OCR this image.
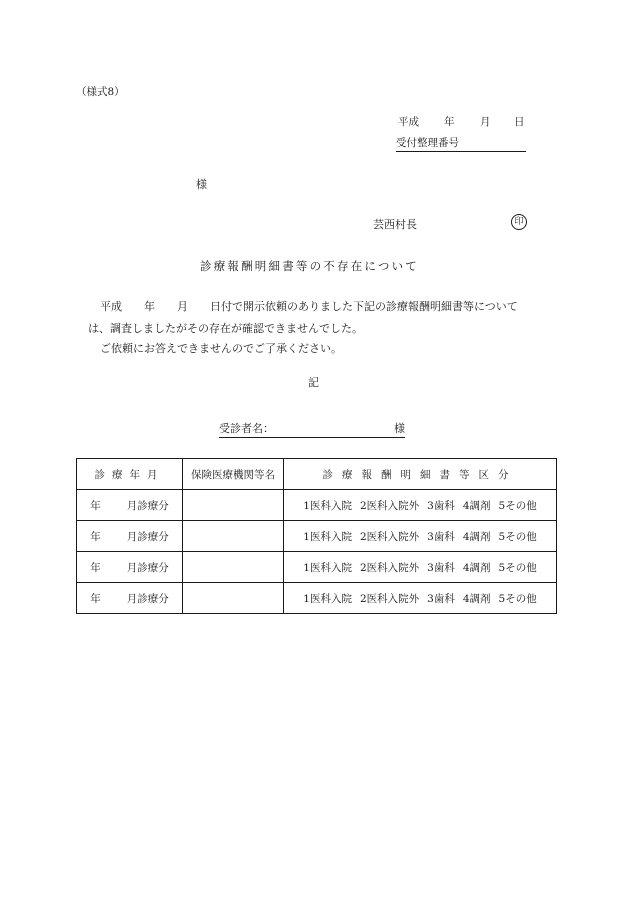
（様式8）
平成 年 月 日
受付整理番号
様
芸西村長	印
診療報酬明細書等の不存在について
平成 年 月 日付で開示依頼のありました下記の診療報酬明細書等について
は、調査しましたがその存在が確認できませんでした。
ご依頼にお答えできませんのでご了承ください。
記
受診者名：	様
診療年月	保険医療機関等名	診療報酬明細書等区分
年 月診療分		1医科入院 2医科入院外 3歯科 4調剤 5その他
年 月診療分		1医科入院 2医科入院外 3歯科 4調剤 5その他
年 月診療分		1医科入院 2医科入院外 3歯科 4調剤 5その他
年 月診療分		1医科入院 2医科入院外 3歯科 4調剤 5その他
